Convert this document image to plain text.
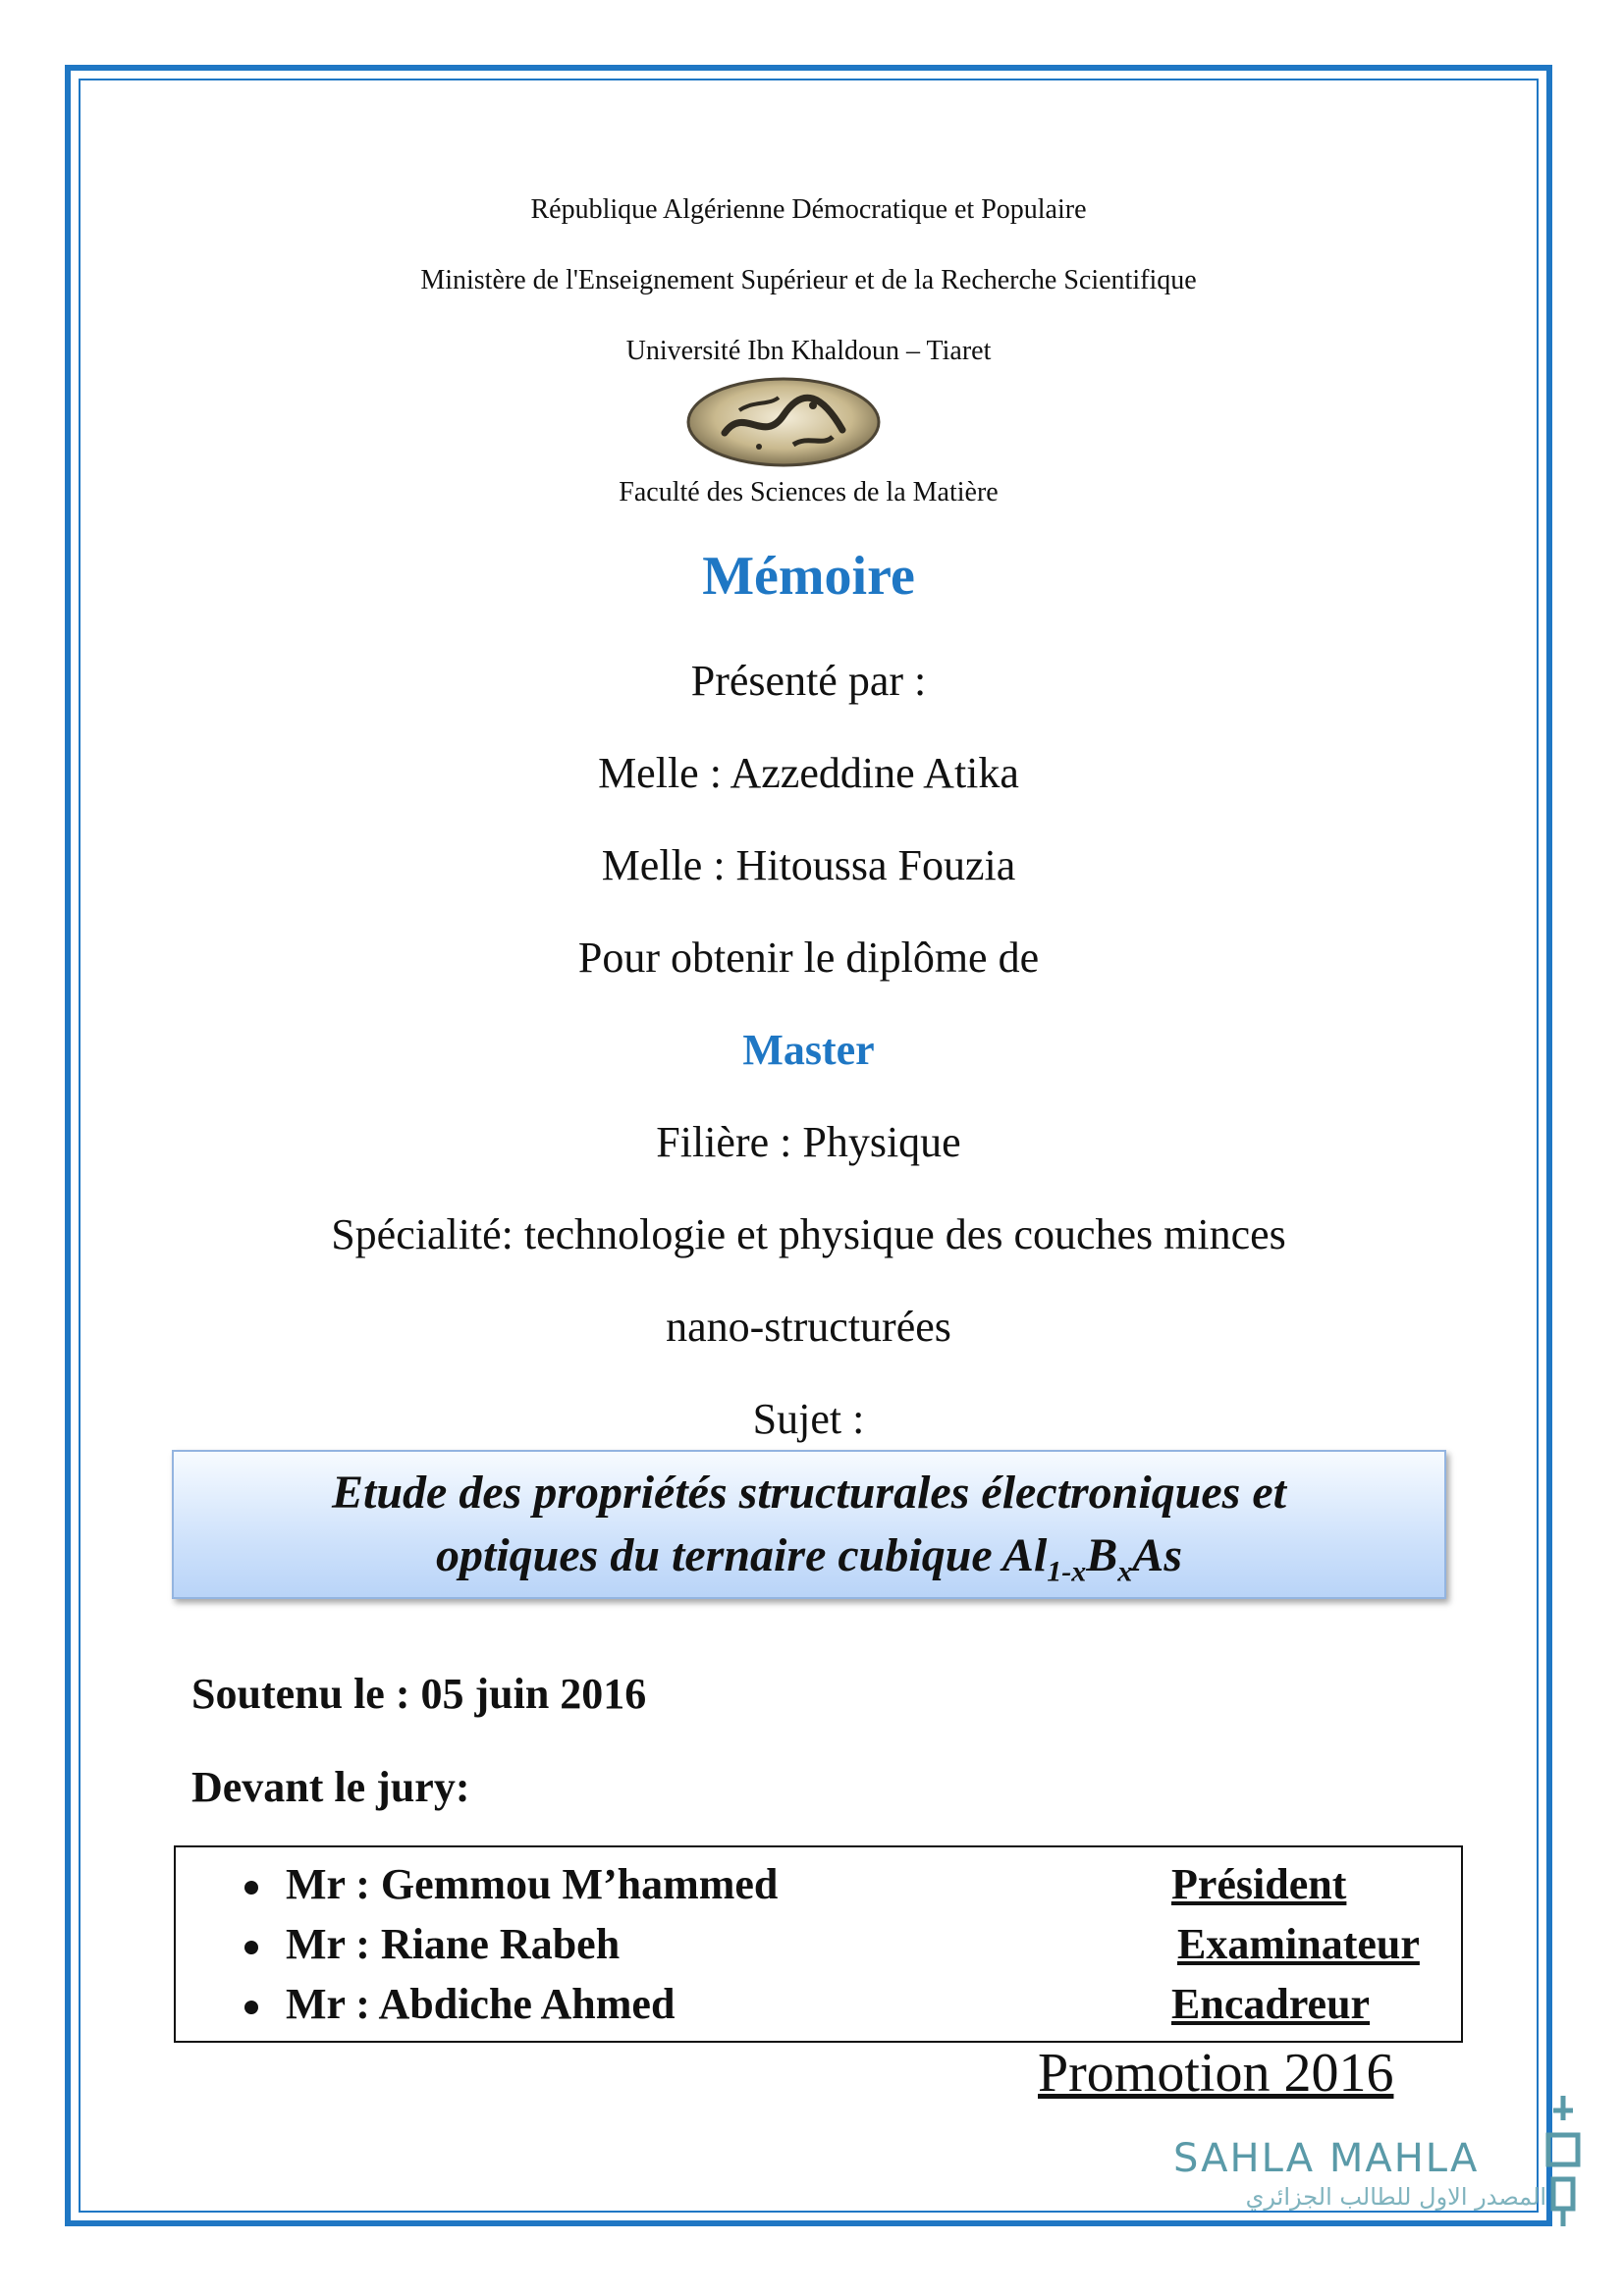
République Algérienne Démocratique et Populaire
Ministère de l'Enseignement Supérieur et de la Recherche Scientifique
Université Ibn Khaldoun – Tiaret
Faculté des Sciences de la Matière
Mémoire
Présenté par :
Melle : Azzeddine Atika
Melle : Hitoussa Fouzia
Pour obtenir le diplôme de
Master
Filière : Physique
Spécialité: technologie et physique des couches minces
nano-structurées
Sujet :
Etude des propriétés structurales électroniques et
optiques du ternaire cubique $Al_{1-x}B_xAs$
Soutenu le : 05 juin 2016
Devant le jury:
Mr : Gemmou M’hammed	Président
Mr : Riane Rabeh	Examinateur
Mr : Abdiche Ahmed	Encadreur
Promotion 2016
SAHLA MAHLA
المصدر الاول للطالب الجزائري
